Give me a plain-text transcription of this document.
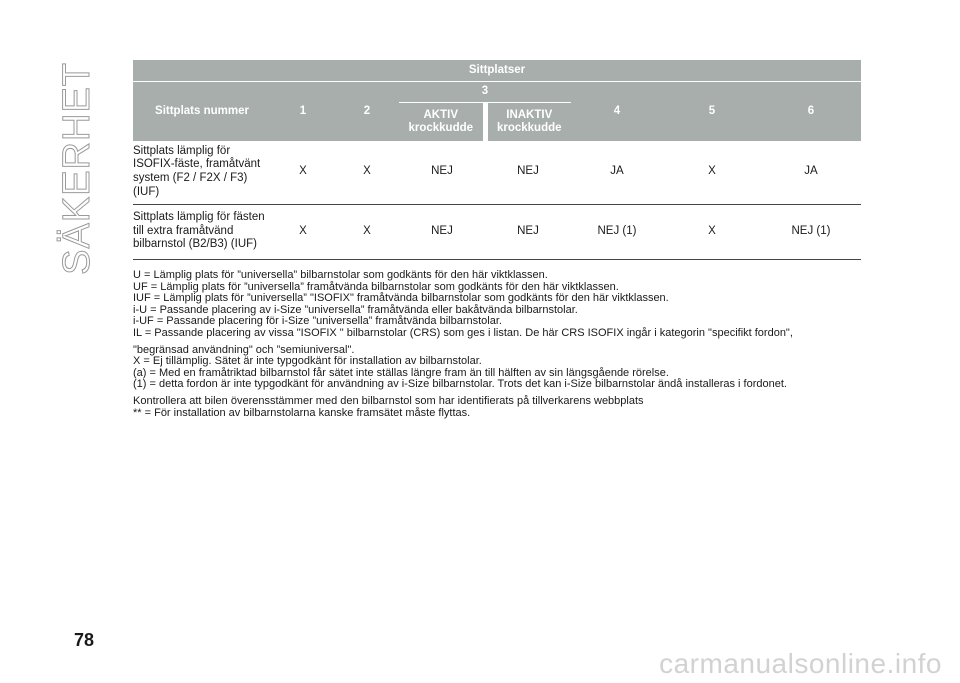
SÄKERHET	Sittplatser							
Sittplats nummer	1	2	3		4	5	6
			AKTIV krockkudde	INAKTIV krockkudde			
Sittplats lämplig för ISOFIX-fäste, framåtvänt system (F2 / F2X / F3) (IUF)	X	X	NEJ	NEJ	JA	X	JA
Sittplats lämplig för fästen till extra framåtvänd bilbarnstol (B2/B3) (IUF)	X	X	NEJ	NEJ	NEJ (1)	X	NEJ (1)

U = Lämplig plats för ”universella” bilbarnstolar som godkänts för den här viktklassen.

UF = Lämplig plats för ”universella” framåtvända bilbarnstolar som godkänts för den här viktklassen.

IUF = Lämplig plats för ”universella” "ISOFIX" framåtvända bilbarnstolar som godkänts för den här viktklassen.

i-U = Passande placering av i-Size ”universella” framåtvända eller bakåtvända bilbarnstolar.

i-UF = Passande placering för i-Size ”universella” framåtvända bilbarnstolar.

IL = Passande placering av vissa "ISOFIX " bilbarnstolar (CRS) som ges i listan. De här CRS ISOFIX ingår i kategorin "specifikt fordon",

"begränsad användning" och ”semiuniversal".

X = Ej tillämplig. Sätet är inte typgodkänt för installation av bilbarnstolar.

(a) = Med en framåtriktad bilbarnstol får sätet inte ställas längre fram än till hälften av sin längsgående rörelse.

(1) = detta fordon är inte typgodkänt för användning av i-Size bilbarnstolar. Trots det kan i-Size bilbarnstolar ändå installeras i fordonet.

Kontrollera att bilen överensstämmer med den bilbarnstol som har identifierats på tillverkarens webbplats

** = För installation av bilbarnstolarna kanske framsätet måste flyttas.

78
carmanualsonline.info
